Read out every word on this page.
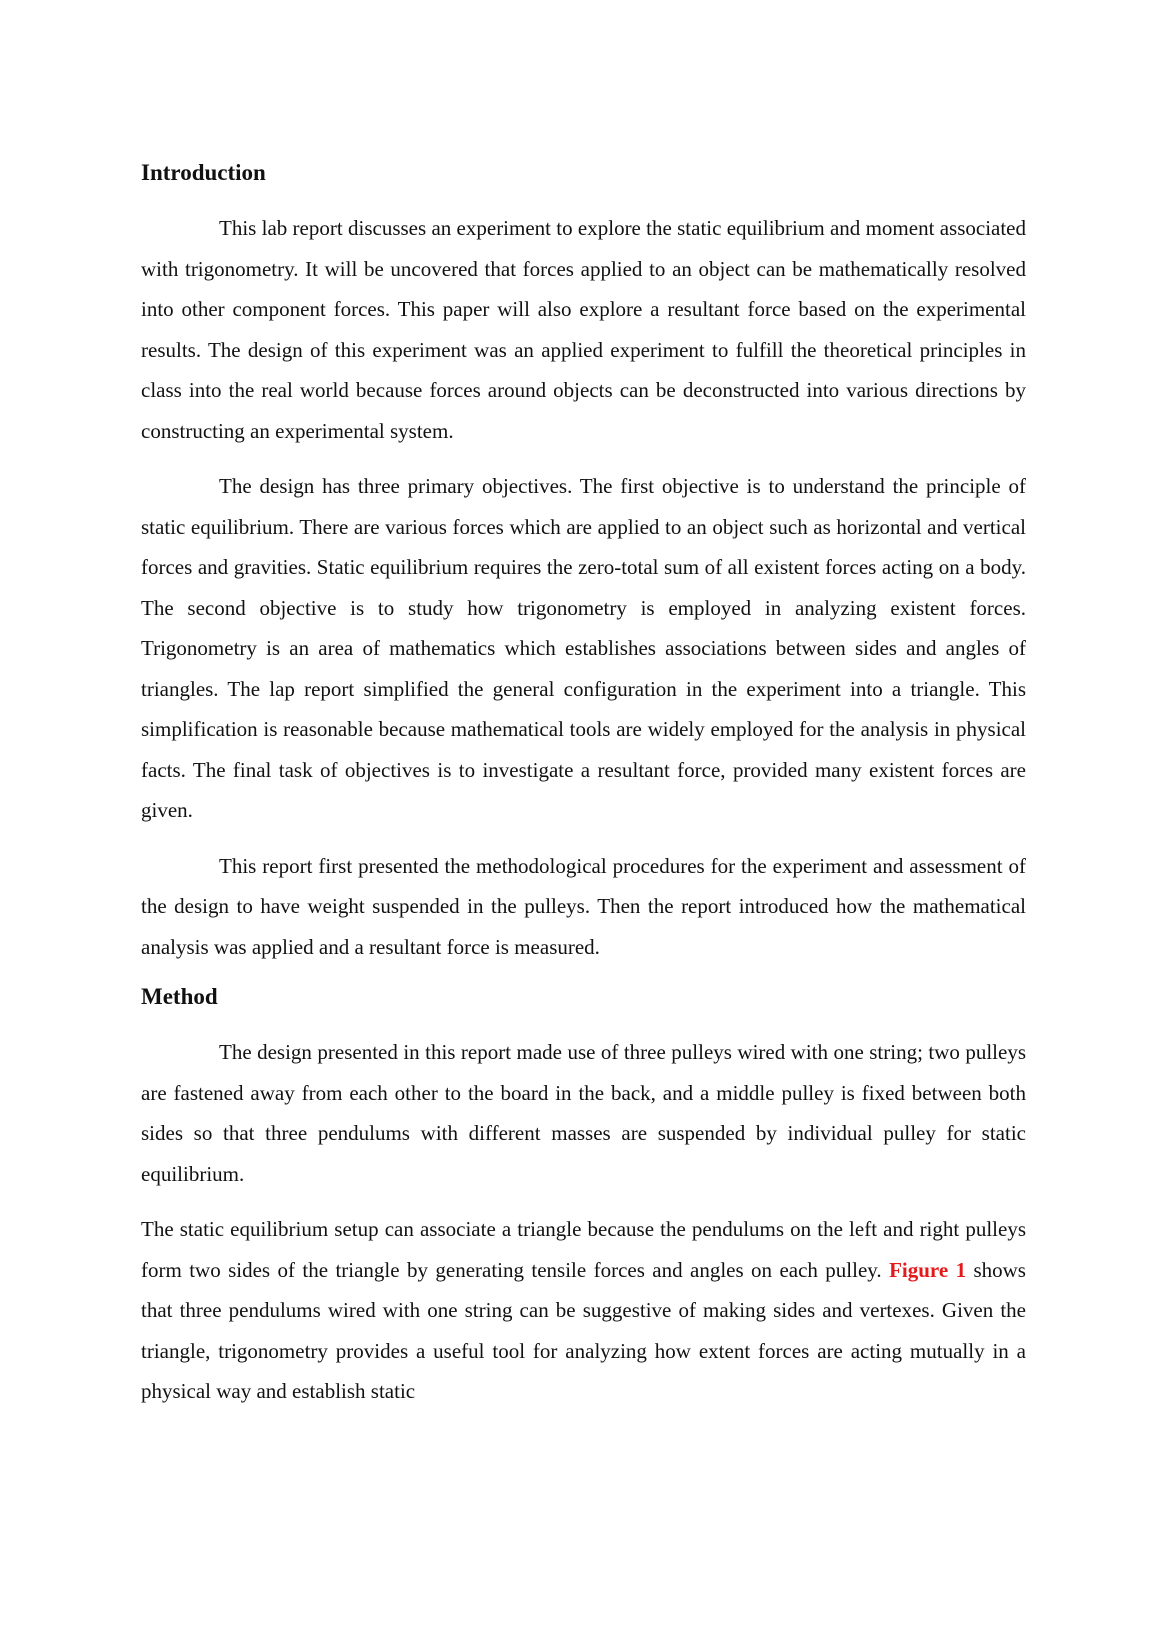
Introduction

This lab report discusses an experiment to explore the static equilibrium and moment associated with trigonometry. It will be uncovered that forces applied to an object can be mathematically resolved into other component forces. This paper will also explore a resultant force based on the experimental results. The design of this experiment was an applied experiment to fulfill the theoretical principles in class into the real world because forces around objects can be deconstructed into various directions by constructing an experimental system.

The design has three primary objectives. The first objective is to understand the principle of static equilibrium. There are various forces which are applied to an object such as horizontal and vertical forces and gravities. Static equilibrium requires the zero-total sum of all existent forces acting on a body. The second objective is to study how trigonometry is employed in analyzing existent forces. Trigonometry is an area of mathematics which establishes associations between sides and angles of triangles. The lap report simplified the general configuration in the experiment into a triangle. This simplification is reasonable because mathematical tools are widely employed for the analysis in physical facts. The final task of objectives is to investigate a resultant force, provided many existent forces are given.

This report first presented the methodological procedures for the experiment and assessment of the design to have weight suspended in the pulleys. Then the report introduced how the mathematical analysis was applied and a resultant force is measured.

Method

The design presented in this report made use of three pulleys wired with one string; two pulleys are fastened away from each other to the board in the back, and a middle pulley is fixed between both sides so that three pendulums with different masses are suspended by individual pulley for static equilibrium.

The static equilibrium setup can associate a triangle because the pendulums on the left and right pulleys form two sides of the triangle by generating tensile forces and angles on each pulley. Figure 1 shows that three pendulums wired with one string can be suggestive of making sides and vertexes. Given the triangle, trigonometry provides a useful tool for analyzing how extent forces are acting mutually in a physical way and establish static
